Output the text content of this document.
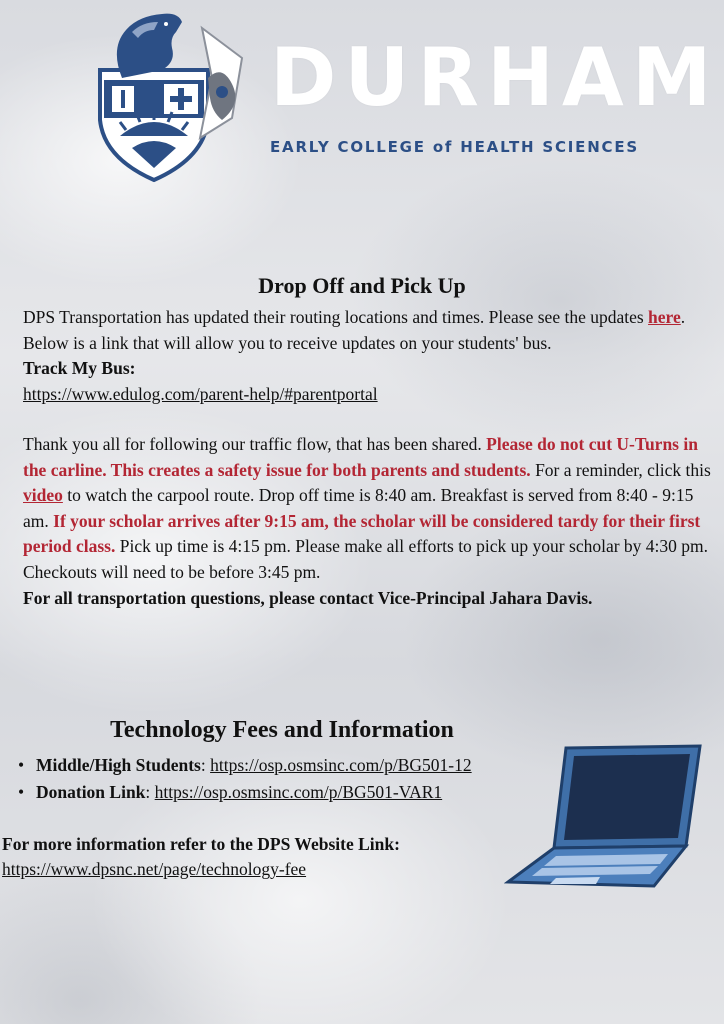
DURHAM
EARLY COLLEGE of HEALTH SCIENCES
Drop Off and Pick Up

DPS Transportation has updated their routing locations and times. Please see the updates here. Below is a link that will allow you to receive updates on your students' bus.
Track My Bus:
https://www.edulog.com/parent-help/#parentportal

Thank you all for following our traffic flow, that has been shared. Please do not cut U-Turns in the carline. This creates a safety issue for both parents and students. For a reminder, click this video to watch the carpool route. Drop off time is 8:40 am. Breakfast is served from 8:40 - 9:15 am. If your scholar arrives after 9:15 am, the scholar will be considered tardy for their first period class. Pick up time is 4:15 pm. Please make all efforts to pick up your scholar by 4:30 pm. Checkouts will need to be before 3:45 pm.
For all transportation questions, please contact Vice-Principal Jahara Davis.

Technology Fees and Information
• Middle/High Students: https://osp.osmsinc.com/p/BG501-12
• Donation Link: https://osp.osmsinc.com/p/BG501-VAR1

For more information refer to the DPS Website Link:
https://www.dpsnc.net/page/technology-fee
